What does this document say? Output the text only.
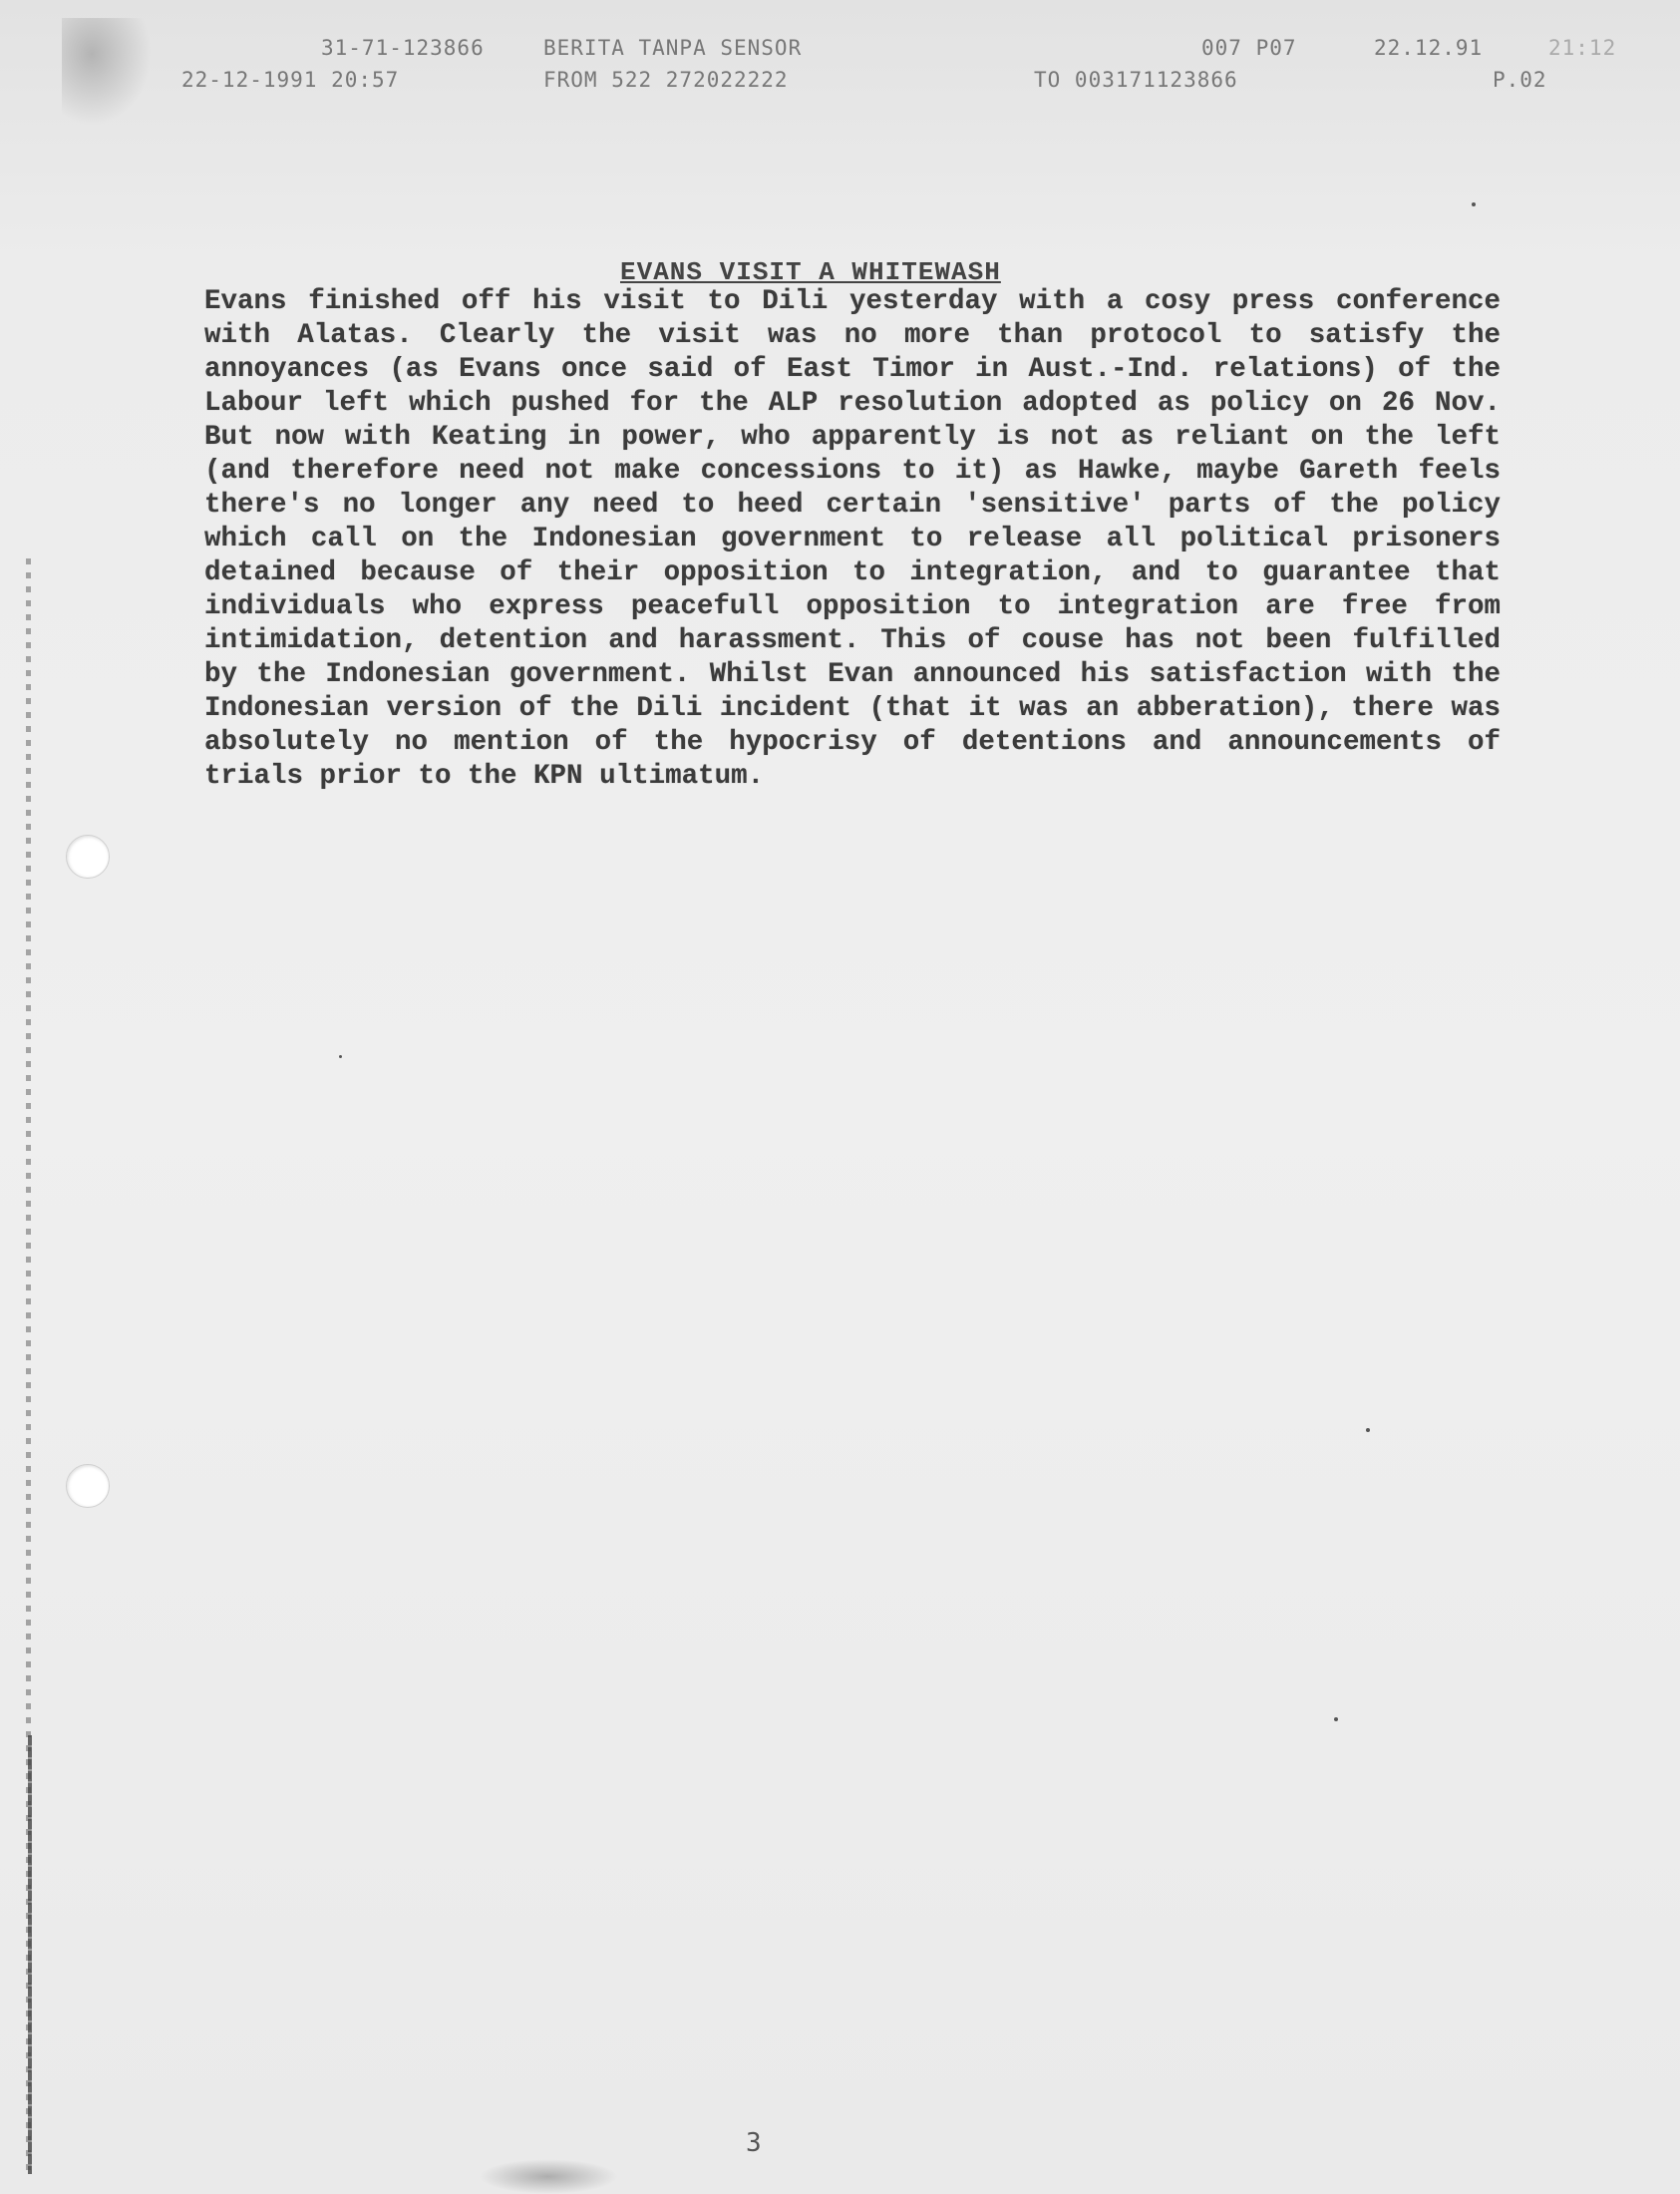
31-71-123866	BERITA TANPA SENSOR	007 P07	22.12.91	21:12
22-12-1991 20:57	FROM 522 272022222	TO 003171123866	P.02
EVANS VISIT A WHITEWASH

Evans finished off his visit to Dili yesterday with a cosy press conference with Alatas. Clearly the visit was no more than protocol to satisfy the annoyances (as Evans once said of East Timor in Aust.-Ind. relations) of the Labour left which pushed for the ALP resolution adopted as policy on 26 Nov. But now with Keating in power, who apparently is not as reliant on the left (and therefore need not make concessions to it) as Hawke, maybe Gareth feels there's no longer any need to heed certain 'sensitive' parts of the policy which call on the Indonesian government to release all political prisoners detained because of their opposition to integration, and to guarantee that individuals who express peacefull opposition to integration are free from intimidation, detention and harassment. This of couse has not been fulfilled by the Indonesian government. Whilst Evan announced his satisfaction with the Indonesian version of the Dili incident (that it was an abberation), there was absolutely no mention of the hypocrisy of detentions and announcements of trials prior to the KPN ultimatum.

3
